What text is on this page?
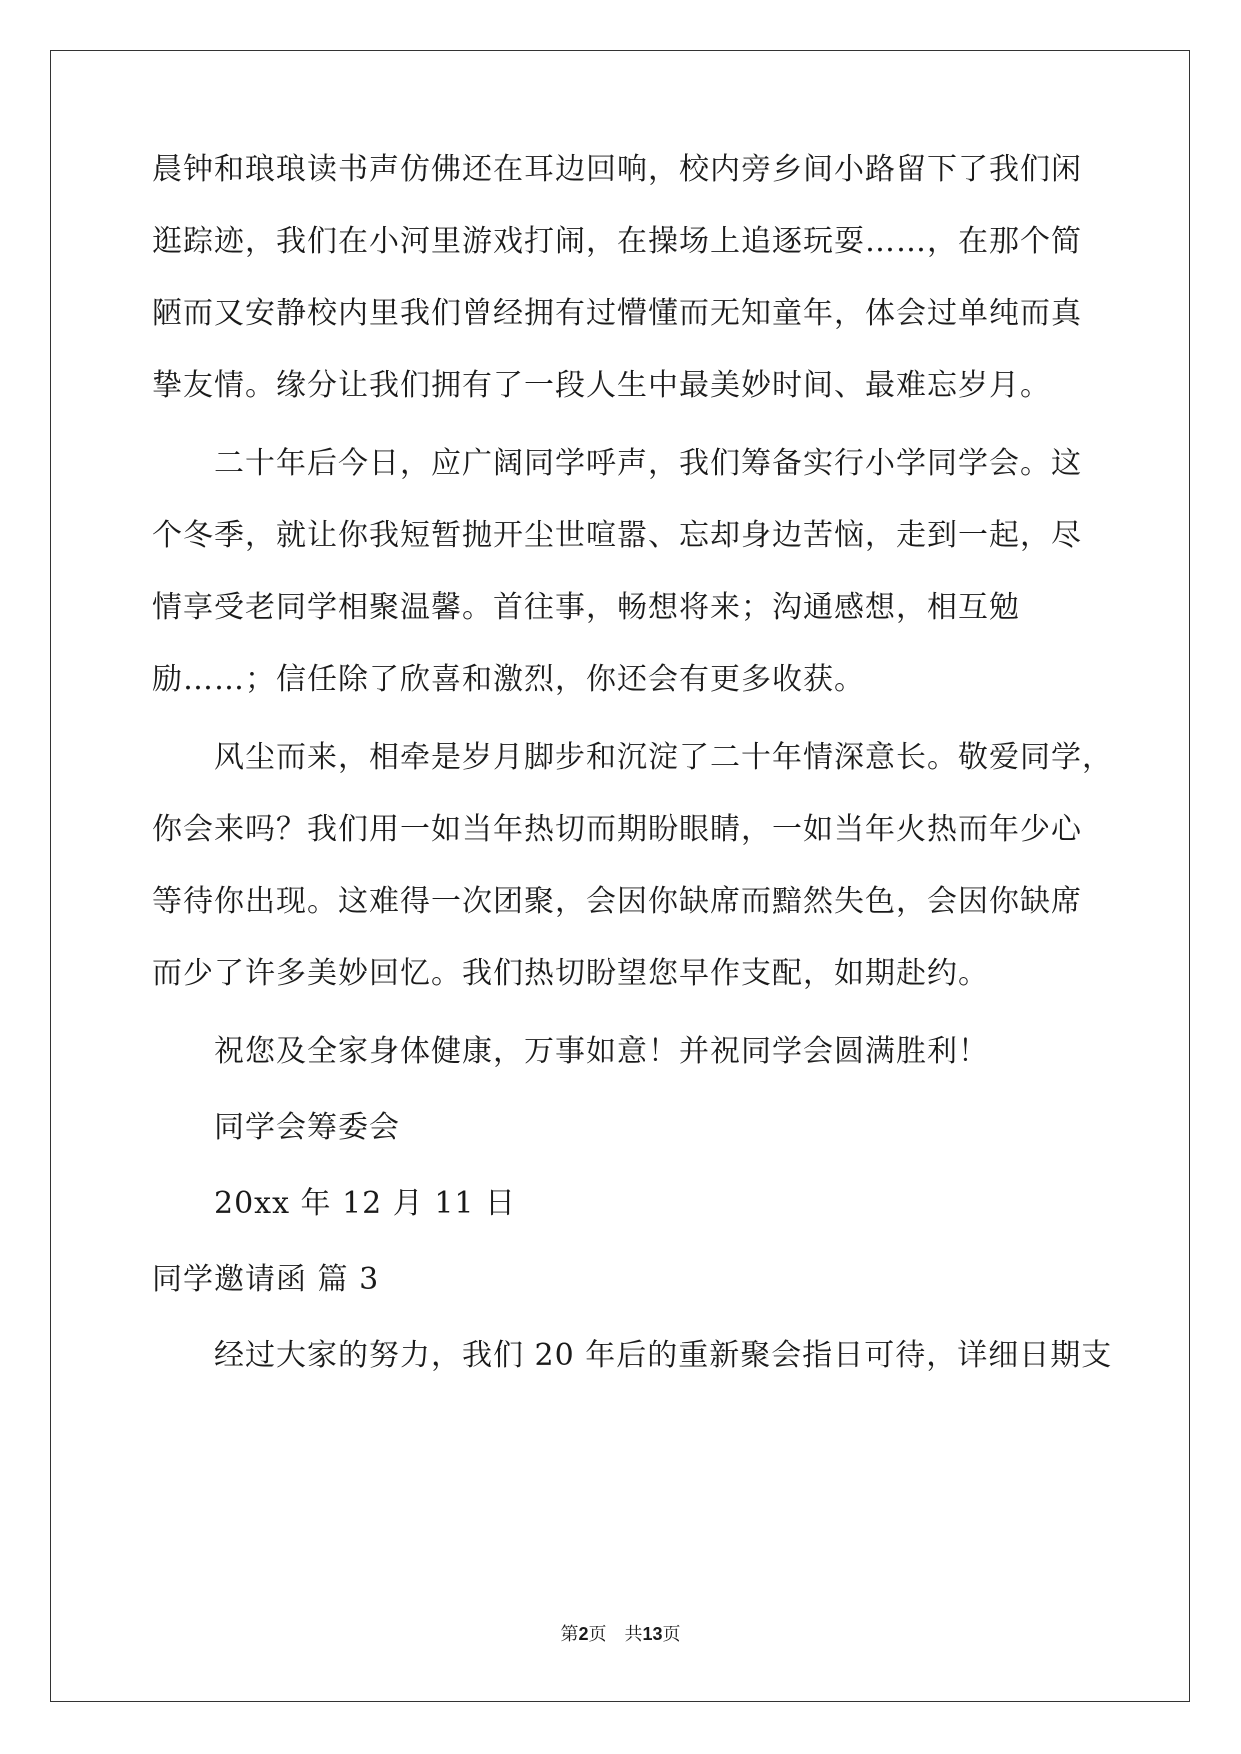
晨钟和琅琅读书声仿佛还在耳边回响，校内旁乡间小路留下了我们闲
逛踪迹，我们在小河里游戏打闹，在操场上追逐玩耍……，在那个简
陋而又安静校内里我们曾经拥有过懵懂而无知童年，体会过单纯而真
挚友情。缘分让我们拥有了一段人生中最美妙时间、最难忘岁月。
二十年后今日，应广阔同学呼声，我们筹备实行小学同学会。这
个冬季，就让你我短暂抛开尘世喧嚣、忘却身边苦恼，走到一起，尽
情享受老同学相聚温馨。首往事，畅想将来；沟通感想，相互勉
励……；信任除了欣喜和激烈，你还会有更多收获。
风尘而来，相牵是岁月脚步和沉淀了二十年情深意长。敬爱同学，
你会来吗？我们用一如当年热切而期盼眼睛，一如当年火热而年少心
等待你出现。这难得一次团聚，会因你缺席而黯然失色，会因你缺席
而少了许多美妙回忆。我们热切盼望您早作支配，如期赴约。
祝您及全家身体健康，万事如意！并祝同学会圆满胜利！
同学会筹委会
20xx 年 12 月 11 日
同学邀请函 篇 3
经过大家的努力，我们 20 年后的重新聚会指日可待，详细日期支
第2页　共13页
